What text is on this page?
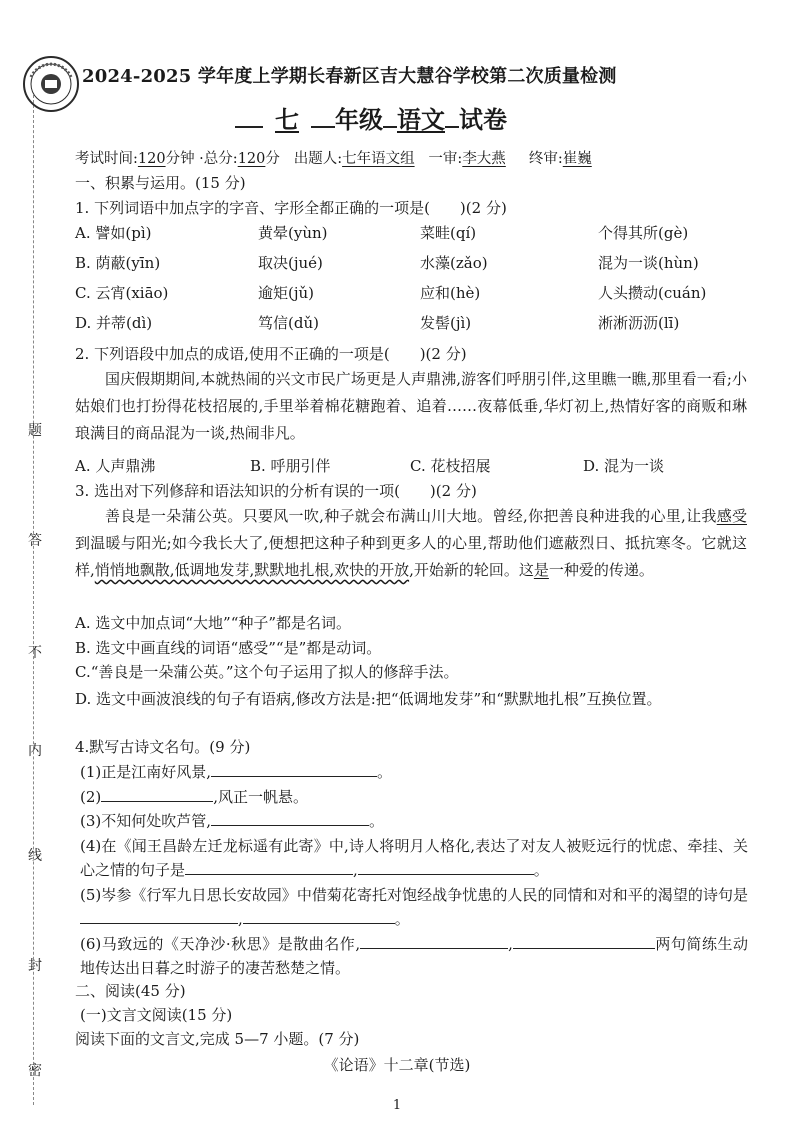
题
答
不
内
线
封
密
2024-2025 学年度上学期长春新区吉大慧谷学校第二次质量检测
七 年级 语文 试卷
考试时间:120分钟 ·总分:120分 出题人:七年语文组 一审:李大燕 终审:崔巍
一、积累与运用。(15 分)
1. 下列词语中加点字的字音、字形全都正确的一项是(　　)(2 分)
A. 譬如(pì)	黄晕(yùn)	菜畦(qí)	个得其所(gè)
B. 荫蔽(yīn)	取决(jué)	水藻(zǎo)	混为一谈(hùn)
C. 云宵(xiāo)	逾矩(jǔ)	应和(hè)	人头攒动(cuán)
D. 并蒂(dì)	笃信(dǔ)	发髻(jì)	淅淅沥沥(lī)
2. 下列语段中加点的成语,使用不正确的一项是(　　)(2 分)
国庆假期期间,本就热闹的兴文市民广场更是人声鼎沸,游客们呼朋引伴,这里瞧一瞧,那里看一看;小姑娘们也打扮得花枝招展的,手里举着棉花糖跑着、追着……夜幕低垂,华灯初上,热情好客的商贩和琳琅满目的商品混为一谈,热闹非凡。
A. 人声鼎沸	B. 呼朋引伴	C. 花枝招展	D. 混为一谈
3. 选出对下列修辞和语法知识的分析有误的一项(　　)(2 分)
善良是一朵蒲公英。只要风一吹,种子就会布满山川大地。曾经,你把善良种进我的心里,让我感受到温暖与阳光;如今我长大了,便想把这种子种到更多人的心里,帮助他们遮蔽烈日、抵抗寒冬。它就这样,悄悄地飘散,低调地发芽,默默地扎根,欢快的开放,开始新的轮回。这是一种爱的传递。
A. 选文中加点词“大地”“种子”都是名词。
B. 选文中画直线的词语“感受”“是”都是动词。
C.“善良是一朵蒲公英。”这个句子运用了拟人的修辞手法。
D. 选文中画波浪线的句子有语病,修改方法是:把“低调地发芽”和“默默地扎根”互换位置。
4.默写古诗文名句。(9 分)
(1)正是江南好风景,	。
(2)	,风正一帆悬。
(3)不知何处吹芦管,	。
(4)在《闻王昌龄左迁龙标遥有此寄》中,诗人将明月人格化,表达了对友人被贬远行的忧虑、牵挂、关心之情的句子是	,	。
(5)岑参《行军九日思长安故园》中借菊花寄托对饱经战争忧患的人民的同情和对和平的渴望的诗句是,	。
(6)马致远的《天净沙·秋思》是散曲名作,	,	两句简练生动地传达出日暮之时游子的凄苦愁楚之情。
二、阅读(45 分)
(一)文言文阅读(15 分)
阅读下面的文言文,完成 5—7 小题。(7 分)
《论语》十二章(节选)
1
